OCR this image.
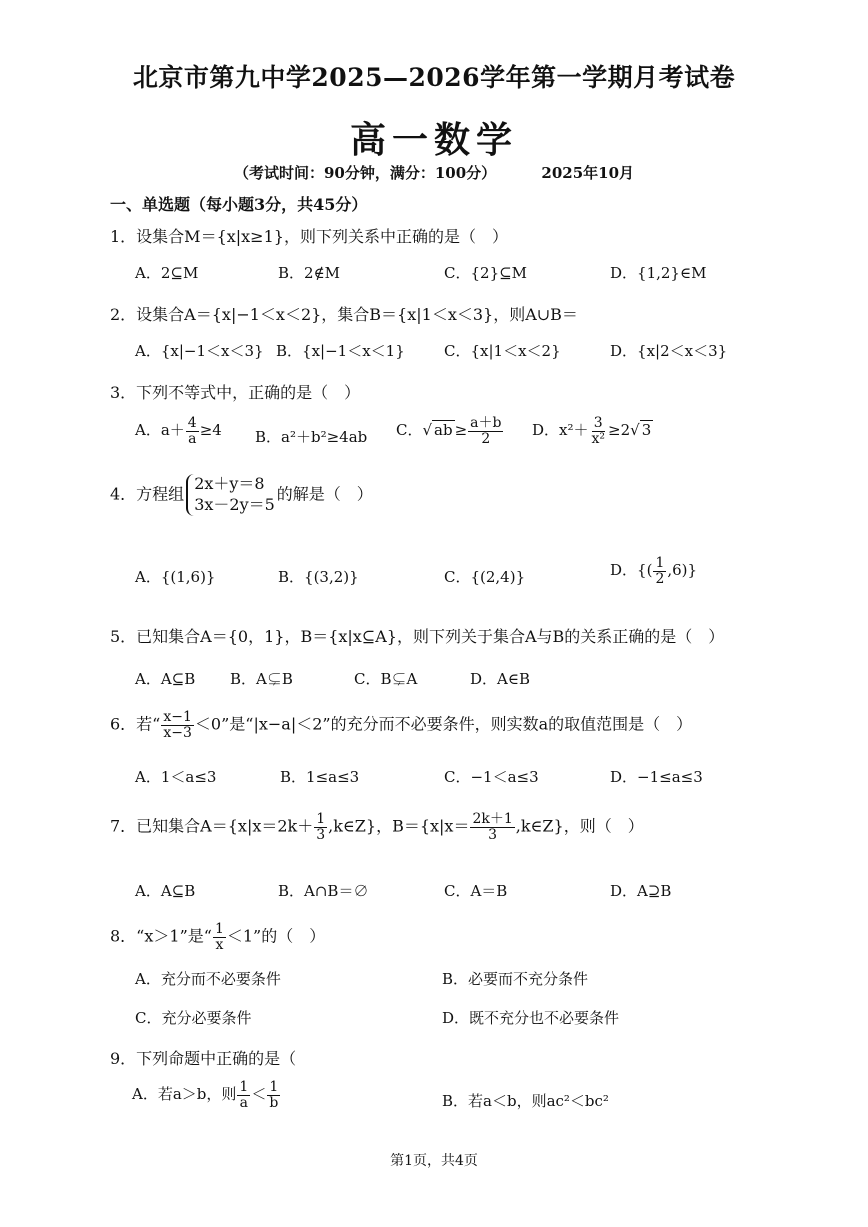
北京市第九中学2025—2026学年第一学期月考试卷
高一数学
（考试时间：90分钟，满分：100分）	2025年10月
一、单选题（每小题3分，共45分）
1．设集合M＝{x|x≥1}，则下列关系中正确的是（　）
A．2⊆M	B．2∉M	C．{2}⊆M	D．{1,2}∈M
2．设集合A＝{x|−1＜x＜2}，集合B＝{x|1＜x＜3}，则A∪B＝
A．{x|−1＜x＜3} B．{x|−1＜x＜1}	C．{x|1＜x＜2}	D．{x|2＜x＜3}
3．下列不等式中，正确的是（　）
A．$a+ \frac{4}{a} \ge 4$ B．a²＋b²≥4ab C．√ ab ≥ $\frac{a+b}{2}$ D．$x^2+ \frac{3}{\text{x²}} \ge 2√$ 3
4．方程组
2x＋y＝8
3x－2y＝5
的解是（　）
A．{(1,6)}	B．{(3,2)}	C．{(2,4)}	D．{( $\frac{1}{2} ,6$)}
5．已知集合A＝{0，1}，B＝{x|x⊆A}，则下列关于集合A与B的关系正确的是（　）
A．A⊆B B．A⊊B	C．B⊊A	D．A∈B
6．若“ $\frac{x-1}{x-3} <0$”是“|x−a|＜2”的充分而不必要条件，则实数a的取值范围是（　）
A．1＜a≤3	B．1≤a≤3	C．−1＜a≤3	D．−1≤a≤3
7．已知集合$A=\{x|x=2k+ \frac{1}{3}$ ,k∈Z}，$B=\{x|x= \frac{2k+1}{3}$ ,k∈Z}，则（　）
A．A⊆B	B．A∩B＝∅	C．A＝B	D．A⊇B
8．“x＞1”是“ $\frac{1}{x} <1$”的（　）
A．充分而不必要条件	B．必要而不充分条件
C．充分必要条件	D．既不充分也不必要条件
9．下列命题中正确的是（
A．若a＞b，则 $\frac{1}{a} < \frac{1}{b}$	B．若a＜b，则ac²＜bc²
第1页，共4页
